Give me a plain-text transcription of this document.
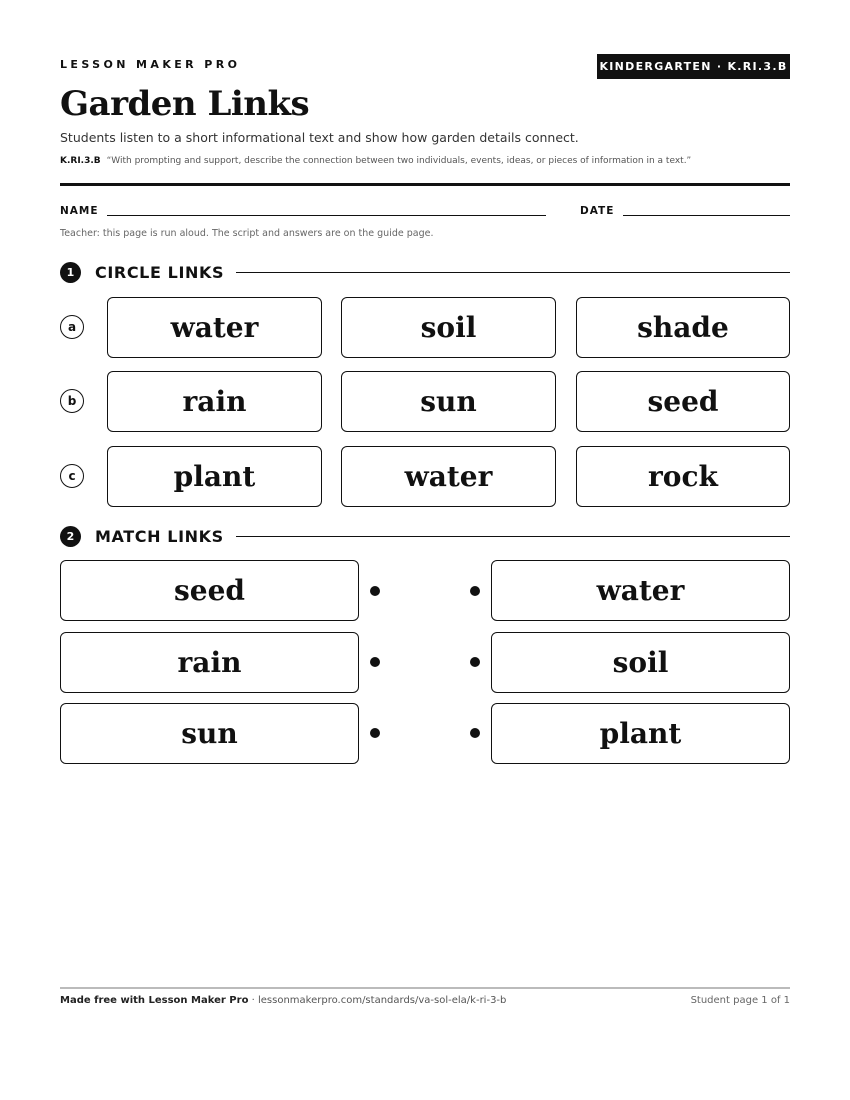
LESSON MAKER PRO	KINDERGARTEN · K.RI.3.B
Garden Links
Students listen to a short informational text and show how garden details connect.
K.RI.3.B “With prompting and support, describe the connection between two individuals, events, ideas, or pieces of information in a text.”
NAME	DATE
Teacher: this page is run aloud. The script and answers are on the guide page.
1	CIRCLE LINKS
a	water	soil	shade
b	rain	sun	seed
c	plant	water	rock
2	MATCH LINKS
seed	water
rain	soil
sun	plant
Made free with Lesson Maker Pro · lessonmakerpro.com/standards/va-sol-ela/k-ri-3-b	Student page 1 of 1
